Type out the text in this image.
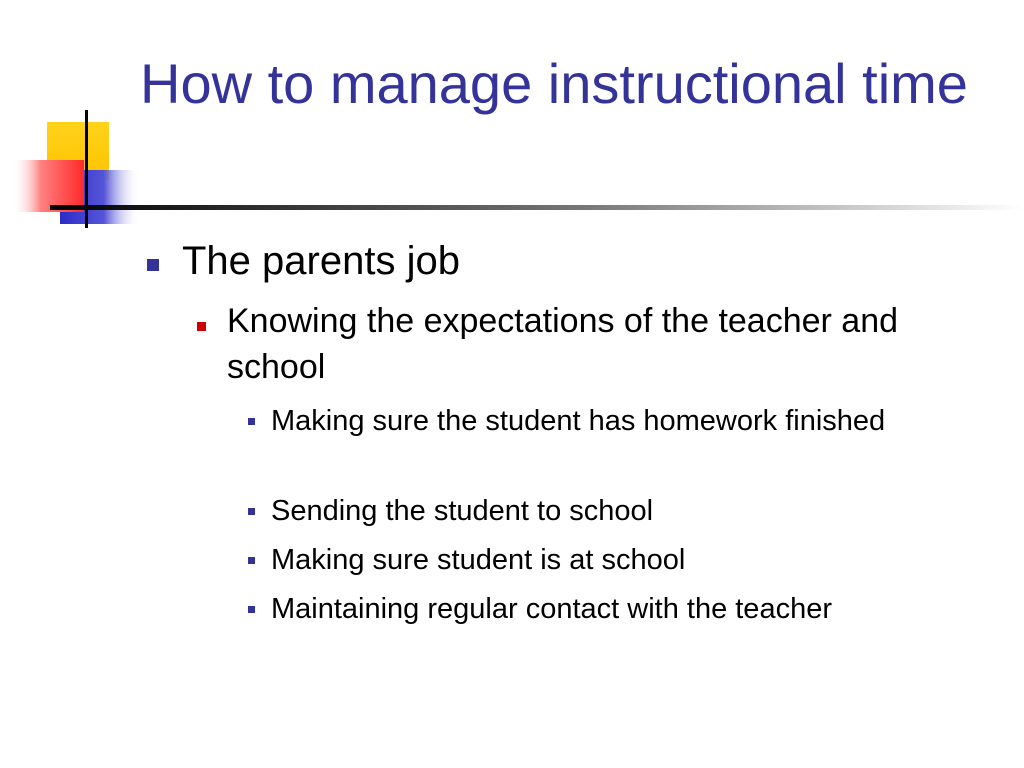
How to manage instructional time

The parents job

Knowing the expectations of the teacher and school

Making sure the student has homework finished

Sending the student to school

Making sure student is at school

Maintaining regular contact with the teacher
